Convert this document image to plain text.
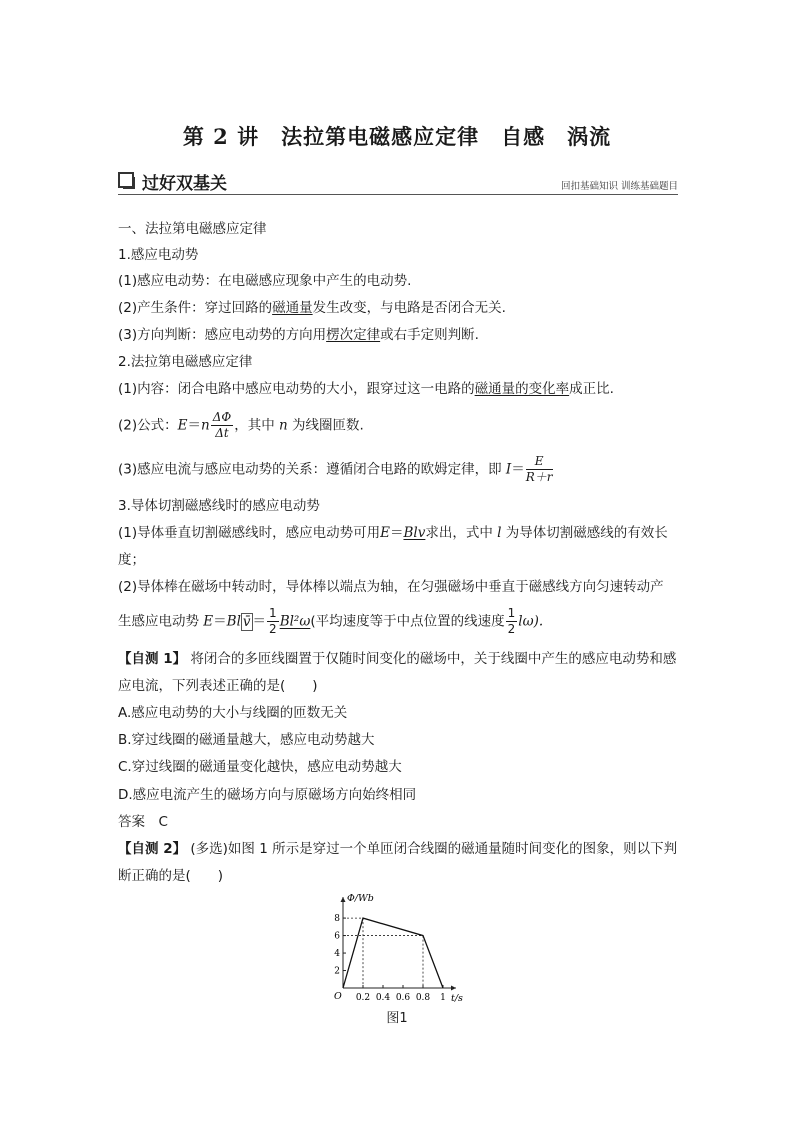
第 2 讲　法拉第电磁感应定律　自感　涡流
过好双基关	回扣基础知识 训练基础题目
一、法拉第电磁感应定律
1.感应电动势
(1)感应电动势：在电磁感应现象中产生的电动势.
(2)产生条件：穿过回路的磁通量发生改变，与电路是否闭合无关.
(3)方向判断：感应电动势的方向用楞次定律或右手定则判断.
2.法拉第电磁感应定律
(1)内容：闭合电路中感应电动势的大小，跟穿过这一电路的磁通量的变化率成正比.
(2)公式：$E=n \frac{\Delta\Phi}{\Delta t}$ ，其中 n 为线圈匝数.
(3)感应电流与感应电动势的关系：遵循闭合电路的欧姆定律，即 $I= \frac{E}{R+r}$
3.导体切割磁感线时的感应电动势
(1)导体垂直切割磁感线时，感应电动势可用E＝Blv求出，式中 l 为导体切割磁感线的有效长
度；
(2)导体棒在磁场中转动时，导体棒以端点为轴，在匀强磁场中垂直于磁感线方向匀速转动产
生感应电动势 E＝Bl v̄ ＝ $\frac{1}{2} Bl^2\omega$(平均速度等于中点位置的线速度 $\frac{1}{2} l\omega$).
【自测 1】 将闭合的多匝线圈置于仅随时间变化的磁场中，关于线圈中产生的感应电动势和感
应电流，下列表述正确的是(　　)
A.感应电动势的大小与线圈的匝数无关
B.穿过线圈的磁通量越大，感应电动势越大
C.穿过线圈的磁通量变化越快，感应电动势越大
D.感应电流产生的磁场方向与原磁场方向始终相同
答案　C
【自测 2】 (多选)如图 1 所示是穿过一个单匝闭合线圈的磁通量随时间变化的图象，则以下判
断正确的是(　　)
Φ/Wb
t/s
O
2
4
6
8
0.2 0.4 0.6 0.8 1
图1
